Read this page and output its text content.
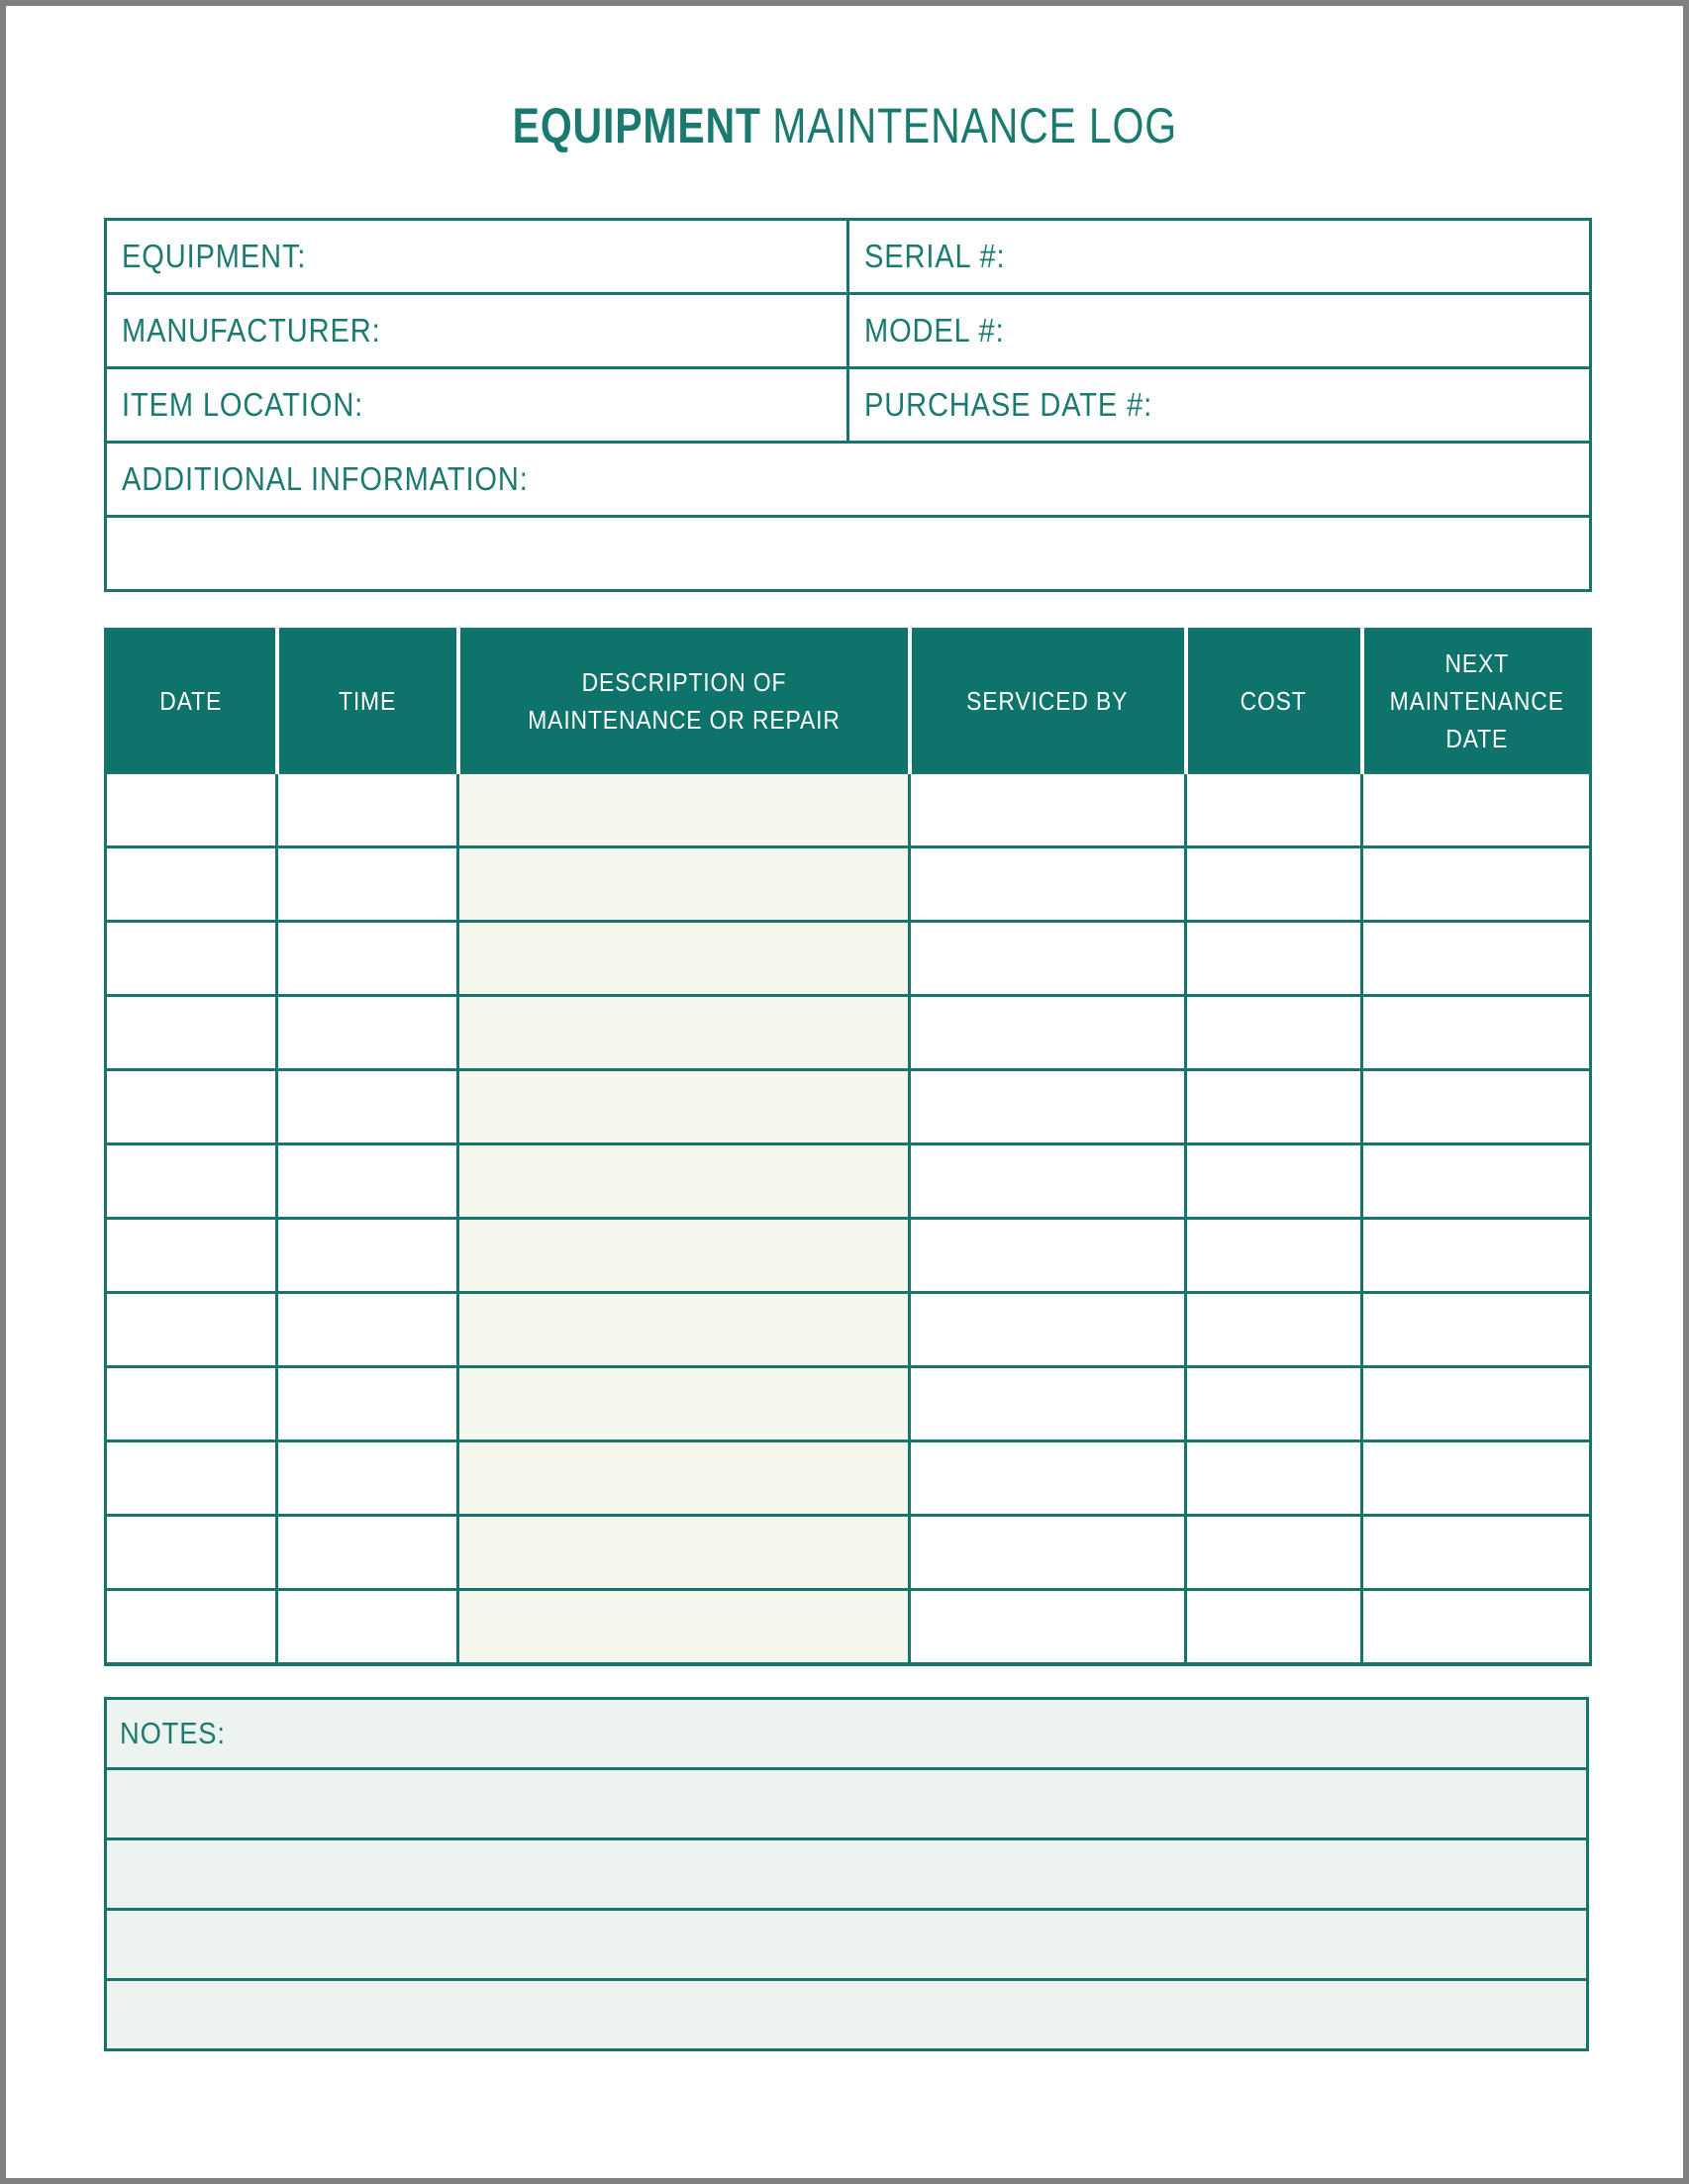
EQUIPMENT MAINTENANCE LOG
EQUIPMENT:	SERIAL #:
MANUFACTURER:	MODEL #:
ITEM LOCATION:	PURCHASE DATE #:
ADDITIONAL INFORMATION:	

DATE	TIME	DESCRIPTION OF MAINTENANCE OR REPAIR	SERVICED BY	COST	NEXT MAINTENANCE DATE

NOTES:
